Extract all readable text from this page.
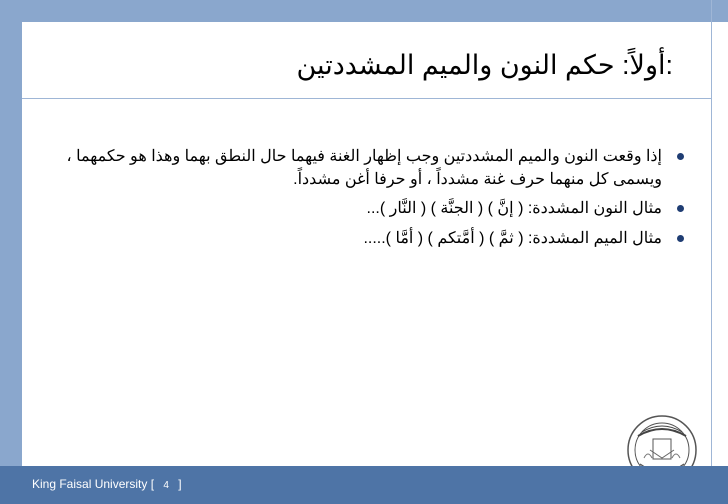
:أولاً: حكم النون والميم المشددتين
إذا وقعت النون والميم المشددتين وجب إظهار الغنة فيهما حال النطق بهما وهذا هو حكمهما ، ويسمى كل منهما حرف غنة مشدداً ، أو حرفا أغن مشدداً.
مثال النون المشددة: ( إنَّ ) ( الجنَّة ) ( النَّار )...
مثال الميم المشددة: ( ثمَّ ) ( أمَّتكم ) ( أمَّا ).....
King Faisal University [ 4 ]
